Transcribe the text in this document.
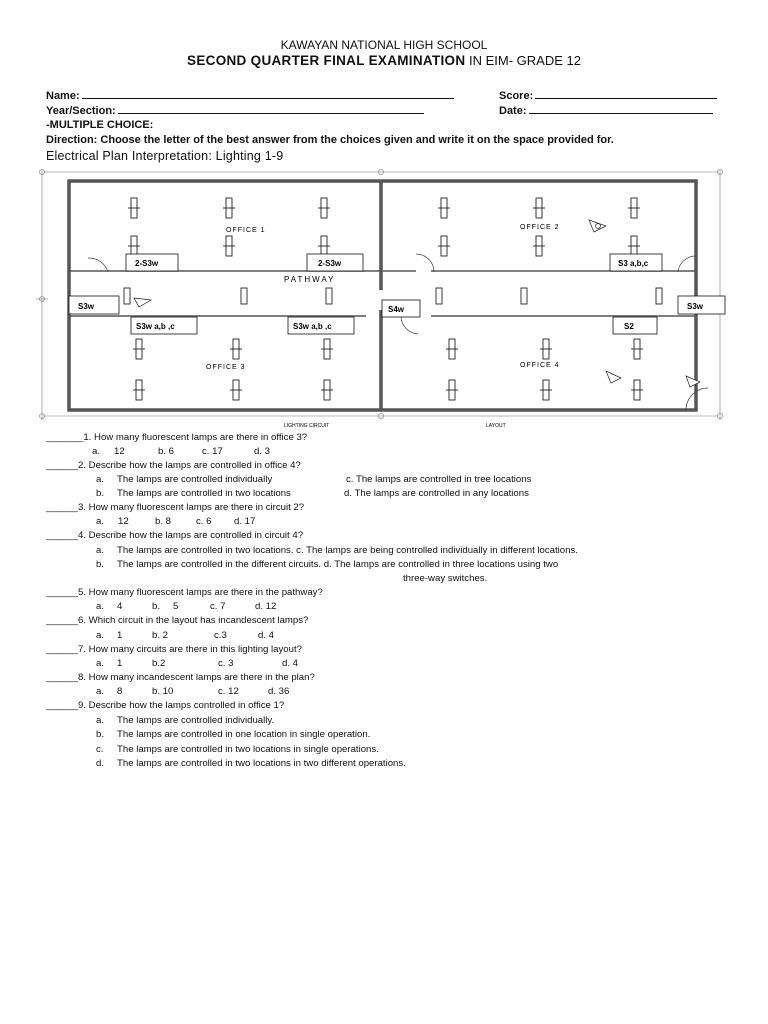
KAWAYAN NATIONAL HIGH SCHOOL
SECOND QUARTER FINAL EXAMINATION IN EIM- GRADE 12
Name:	Score:
Year/Section:	Date:
-MULTIPLE CHOICE:
Direction: Choose the letter of the best answer from the choices given and write it on the space provided for.
Electrical Plan Interpretation: Lighting 1-9
OFFICE 1	OFFICE 2
OFFICE 3	OFFICE 4
PATHWAY
LIGHTING CIRCUIT	LAYOUT
2-S3w	2-S3w	S3 a,b,c
S3w	S3w
S4w
S3w a,b ,c	S3w a,b ,c	S2
_______1. How many fluorescent lamps are there in office 3?
a. 12	b. 6	c. 17	d. 3
______2. Describe how the lamps are controlled in office 4?
a. The lamps are controlled individually	c. The lamps are controlled in tree locations
b. The lamps are controlled in two locations	d. The lamps are controlled in any locations
______3. How many fluorescent lamps are there in circuit 2?
a. 12	b. 8	c. 6 d. 17
______4. Describe how the lamps are controlled in circuit 4?
a. The lamps are controlled in two locations. c. The lamps are being controlled individually in different locations.
b. The lamps are controlled in the different circuits. d. The lamps are controlled in three locations using two
three-way switches.
______5. How many fluorescent lamps are there in the pathway?
a. 4	b. 5	c. 7	d. 12
______6. Which circuit in the layout has incandescent lamps?
a. 1	b. 2	c.3	d. 4
______7. How many circuits are there in this lighting layout?
a. 1	b.2	c. 3	d. 4
______8. How many incandescent lamps are there in the plan?
a. 8	b. 10	c. 12	d. 36
______9. Describe how the lamps controlled in office 1?
a. The lamps are controlled individually.
b. The lamps are controlled in one location in single operation.
c. The lamps are controlled in two locations in single operations.
d. The lamps are controlled in two locations in two different operations.
